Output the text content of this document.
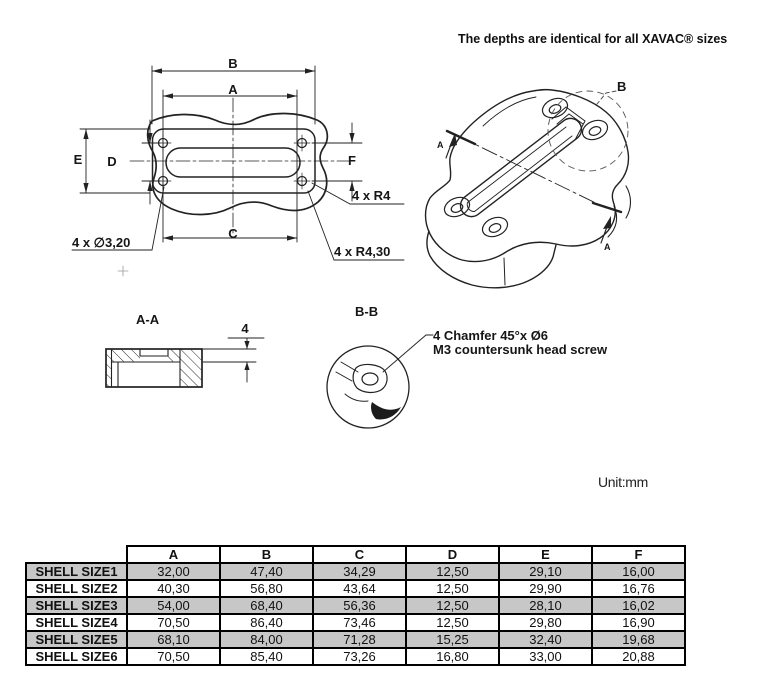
The depths are identical for all XAVAC® sizes
B
A
C
E D	F
4 x R4
4 x ∅3,20
4 x R4,30
B
A
A
A-A
4
B-B
4 Chamfer 45°x Ø6
M3 countersunk head screw
Unit:mm
	A	B	C	D	E	F
SHELL SIZE1	32,00	47,40	34,29	12,50	29,10	16,00
SHELL SIZE2	40,30	56,80	43,64	12,50	29,90	16,76
SHELL SIZE3	54,00	68,40	56,36	12,50	28,10	16,02
SHELL SIZE4	70,50	86,40	73,46	12,50	29,80	16,90
SHELL SIZE5	68,10	84,00	71,28	15,25	32,40	19,68
SHELL SIZE6	70,50	85,40	73,26	16,80	33,00	20,88
